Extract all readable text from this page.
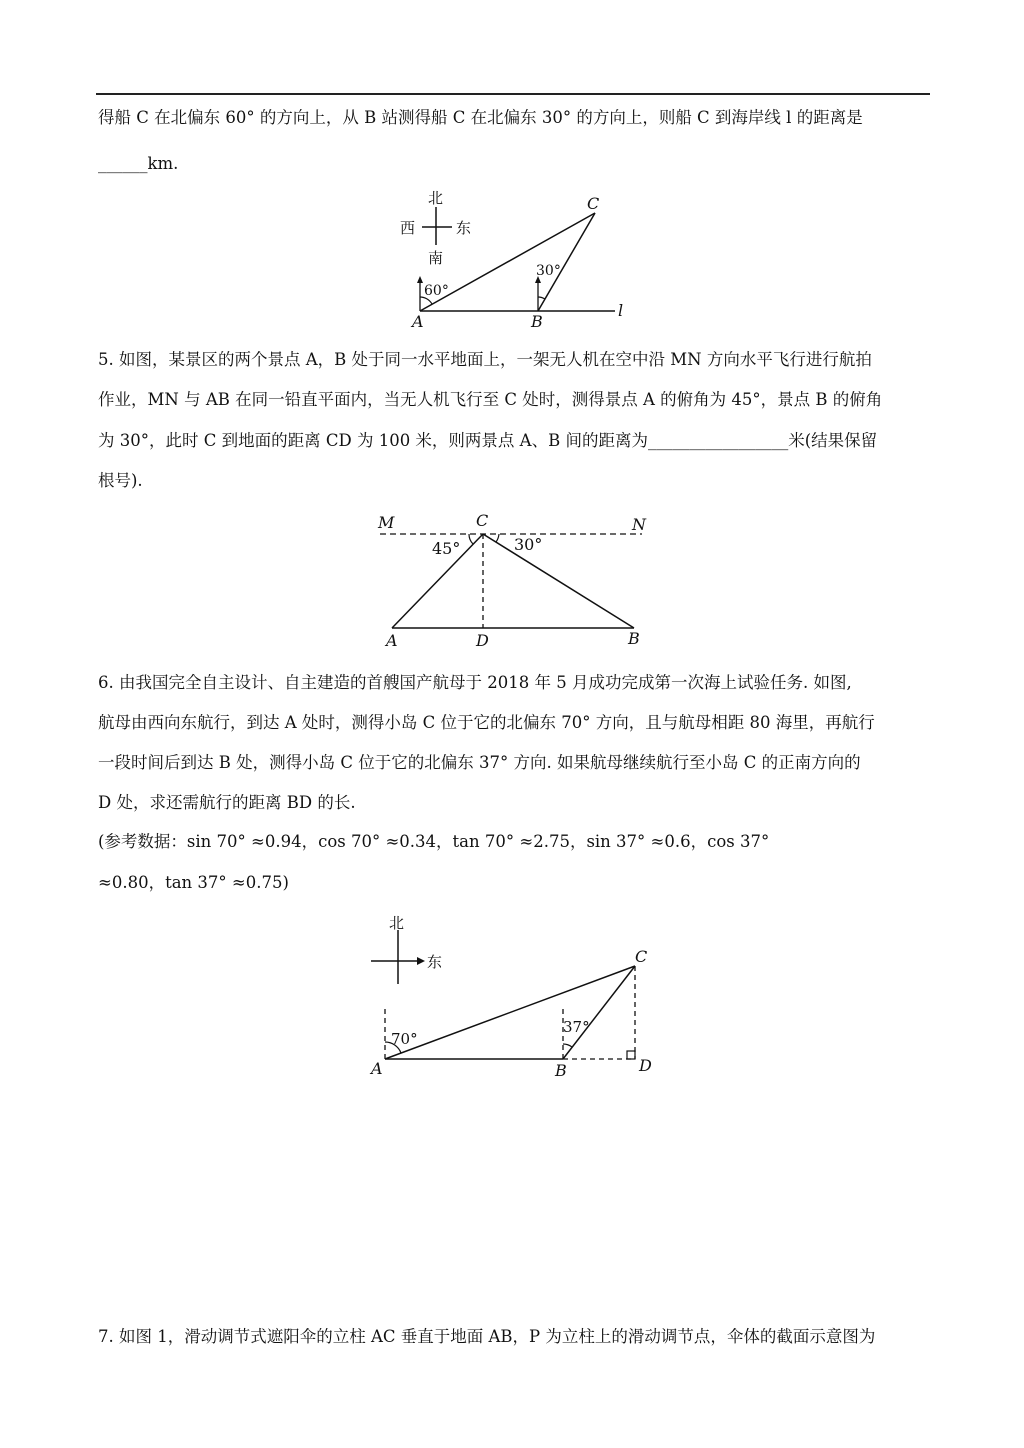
得船 C 在北偏东 60° 的方向上，从 B 站测得船 C 在北偏东 30° 的方向上，则船 C 到海岸线 l 的距离是
______km.
北
西	东
南
60°
30°
A	B
C
l
5. 如图，某景区的两个景点 A，B 处于同一水平地面上，一架无人机在空中沿 MN 方向水平飞行进行航拍
作业，MN 与 AB 在同一铅直平面内，当无人机飞行至 C 处时，测得景点 A 的俯角为 45°，景点 B 的俯角
为 30°，此时 C 到地面的距离 CD 为 100 米，则两景点 A、B 间的距离为_________________米(结果保留
根号).
45°	30°
M	C	N
A	D	B
6. 由我国完全自主设计、自主建造的首艘国产航母于 2018 年 5 月成功完成第一次海上试验任务. 如图,
航母由西向东航行，到达 A 处时，测得小岛 C 位于它的北偏东 70° 方向，且与航母相距 80 海里，再航行
一段时间后到达 B 处，测得小岛 C 位于它的北偏东 37° 方向. 如果航母继续航行至小岛 C 的正南方向的
D 处，求还需航行的距离 BD 的长.
(参考数据：sin 70° ≈0.94，cos 70° ≈0.34，tan 70° ≈2.75，sin 37° ≈0.6，cos 37°
≈0.80，tan 37° ≈0.75)
北
东
70°
37°
A	B
C
D
7. 如图 1，滑动调节式遮阳伞的立柱 AC 垂直于地面 AB，P 为立柱上的滑动调节点，伞体的截面示意图为
